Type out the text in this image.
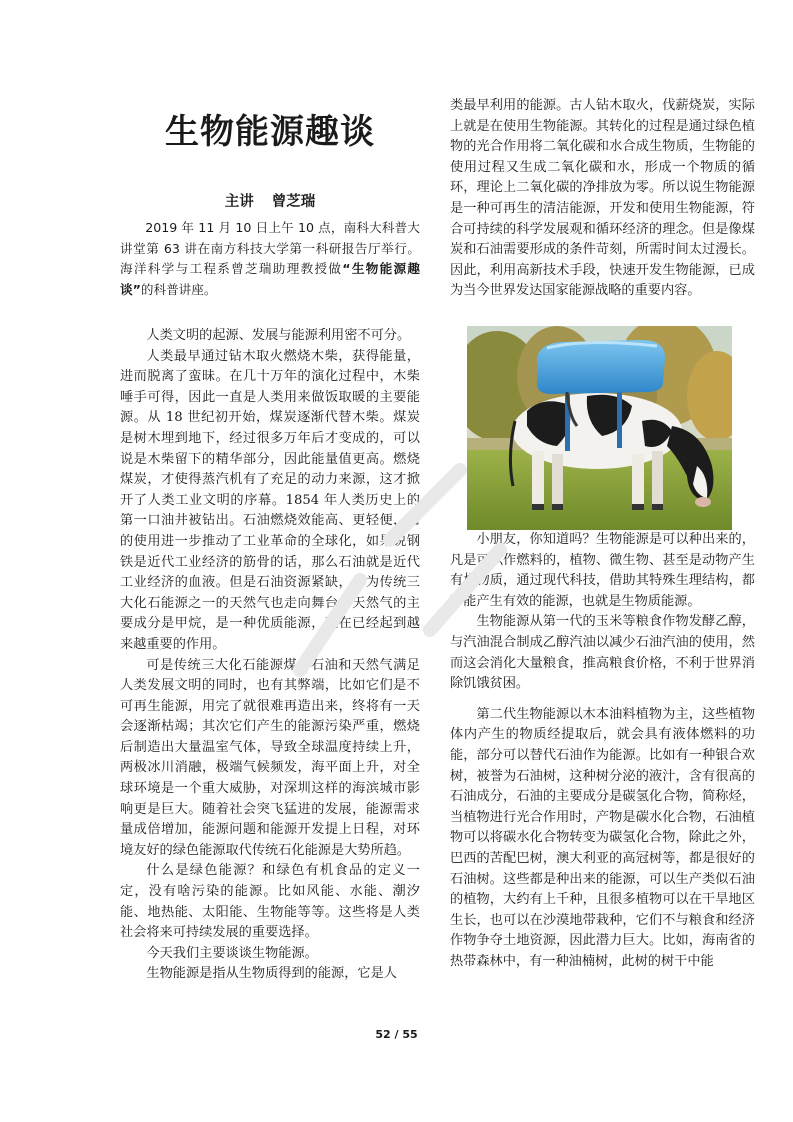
生物能源趣谈
主讲 曾芝瑞

2019 年 11 月 10 日上午 10 点，南科大科普大讲堂第 63 讲在南方科技大学第一科研报告厅举行。海洋科学与工程系曾芝瑞助理教授做“生物能源趣谈”的科普讲座。

人类文明的起源、发展与能源利用密不可分。

人类最早通过钻木取火燃烧木柴，获得能量，进而脱离了蛮昧。在几十万年的演化过程中，木柴唾手可得，因此一直是人类用来做饭取暖的主要能源。从 18 世纪初开始，煤炭逐渐代替木柴。煤炭是树木埋到地下，经过很多万年后才变成的，可以说是木柴留下的精华部分，因此能量值更高。燃烧煤炭，才使得蒸汽机有了充足的动力来源，这才掀开了人类工业文明的序幕。1854 年人类历史上的第一口油井被钻出。石油燃烧效能高、更轻便，它的使用进一步推动了工业革命的全球化，如果说钢铁是近代工业经济的筋骨的话，那么石油就是近代工业经济的血液。但是石油资源紧缺，作为传统三大化石能源之一的天然气也走向舞台，天然气的主要成分是甲烷，是一种优质能源，现在已经起到越来越重要的作用。

可是传统三大化石能源煤、石油和天然气满足人类发展文明的同时，也有其弊端，比如它们是不可再生能源，用完了就很难再造出来，终将有一天会逐渐枯竭；其次它们产生的能源污染严重，燃烧后制造出大量温室气体，导致全球温度持续上升，两极冰川消融，极端气候频发，海平面上升，对全球环境是一个重大威胁，对深圳这样的海滨城市影响更是巨大。随着社会突飞猛进的发展，能源需求量成倍增加，能源问题和能源开发提上日程，对环境友好的绿色能源取代传统石化能源是大势所趋。

什么是绿色能源？和绿色有机食品的定义一定，没有啥污染的能源。比如风能、水能、潮汐能、地热能、太阳能、生物能等等。这些将是人类社会将来可持续发展的重要选择。

今天我们主要谈谈生物能源。

生物能源是指从生物质得到的能源，它是人

类最早利用的能源。古人钻木取火，伐薪烧炭，实际上就是在使用生物能源。其转化的过程是通过绿色植物的光合作用将二氧化碳和水合成生物质，生物能的使用过程又生成二氧化碳和水，形成一个物质的循环，理论上二氧化碳的净排放为零。所以说生物能源是一种可再生的清洁能源，开发和使用生物能源，符合可持续的科学发展观和循环经济的理念。但是像煤炭和石油需要形成的条件苛刻，所需时间太过漫长。因此，利用高新技术手段，快速开发生物能源，已成为当今世界发达国家能源战略的重要内容。

小朋友，你知道吗？生物能源是可以种出来的，凡是可以作燃料的，植物、微生物、甚至是动物产生有机物质，通过现代科技，借助其特殊生理结构，都可能产生有效的能源，也就是生物质能源。

生物能源从第一代的玉米等粮食作物发酵乙醇，与汽油混合制成乙醇汽油以减少石油汽油的使用，然而这会消化大量粮食，推高粮食价格，不利于世界消除饥饿贫困。

第二代生物能源以木本油料植物为主，这些植物体内产生的物质经提取后，就会具有液体燃料的功能，部分可以替代石油作为能源。比如有一种银合欢树，被誉为石油树，这种树分泌的液汁，含有很高的石油成分，石油的主要成分是碳氢化合物，简称烃，当植物进行光合作用时，产物是碳水化合物，石油植物可以将碳水化合物转变为碳氢化合物，除此之外，巴西的苦配巴树，澳大利亚的高冠树等，都是很好的石油树。这些都是种出来的能源，可以生产类似石油的植物，大约有上千种，且很多植物可以在干旱地区生长，也可以在沙漠地带栽种，它们不与粮食和经济作物争夺土地资源，因此潜力巨大。比如，海南省的热带森林中，有一种油楠树，此树的树干中能

52 / 55
